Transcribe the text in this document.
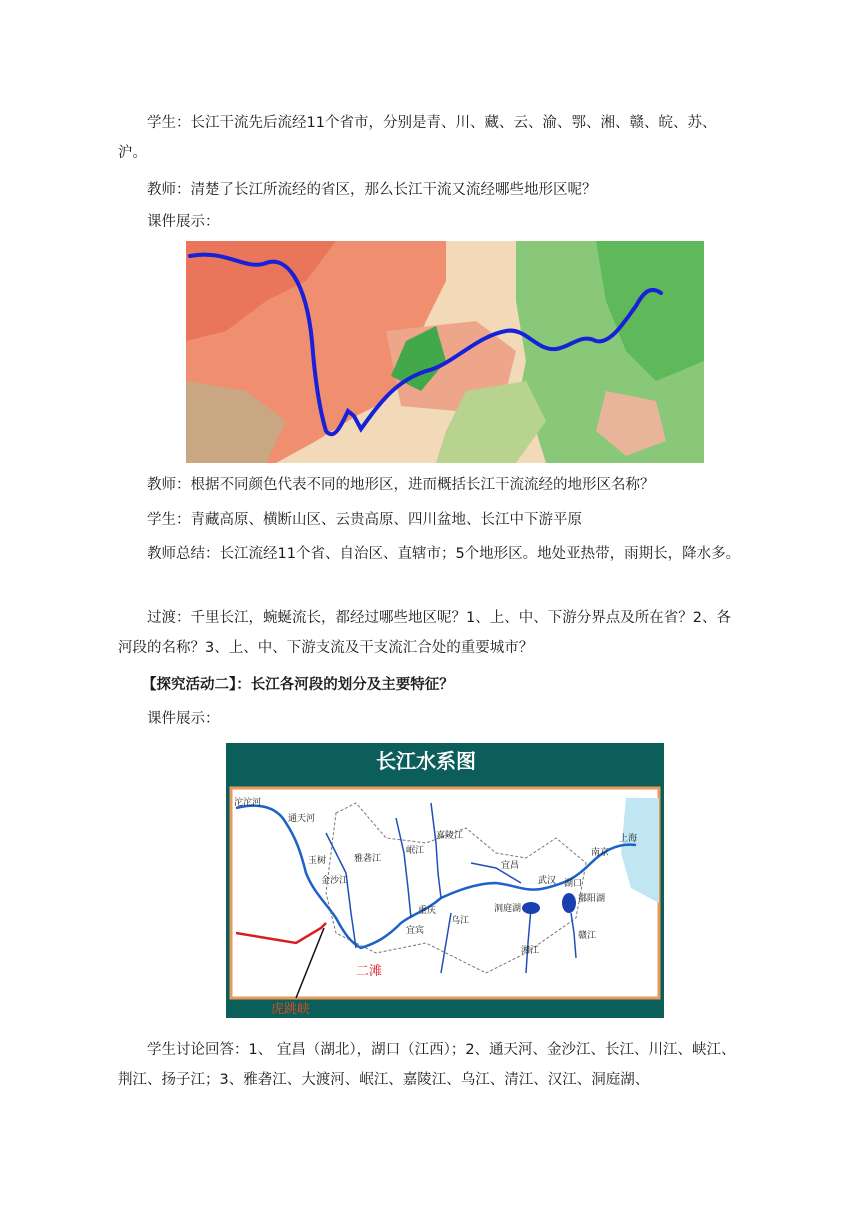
学生：长江干流先后流经11个省市，分别是青、川、藏、云、渝、鄂、湘、赣、皖、苏、沪。

教师：清楚了长江所流经的省区，那么长江干流又流经哪些地形区呢？

课件展示：

教师：根据不同颜色代表不同的地形区，进而概括长江干流流经的地形区名称？

学生：青藏高原、横断山区、云贵高原、四川盆地、长江中下游平原

教师总结：长江流经11个省、自治区、直辖市；5个地形区。地处亚热带，雨期长，降水多。

过渡：千里长江，蜿蜒流长，都经过哪些地区呢？1、上、中、下游分界点及所在省？2、各河段的名称？3、上、中、下游支流及干支流汇合处的重要城市？

【探究活动二】：长江各河段的划分及主要特征？

课件展示：

长江水系图
沱沱河
通天河
玉树
金沙江
雅砻江
岷江
嘉陵江
重庆
宜宾
乌江
宜昌
武汉 湖口
南京
上海
洞庭湖
鄱阳湖
湘江
赣江
二滩
虎跳峡

学生讨论回答：1、 宜昌（湖北），湖口（江西）；2、通天河、金沙江、长江、川江、峡江、荆江、扬子江；3、雅砻江、大渡河、岷江、嘉陵江、乌江、清江、汉江、洞庭湖、
